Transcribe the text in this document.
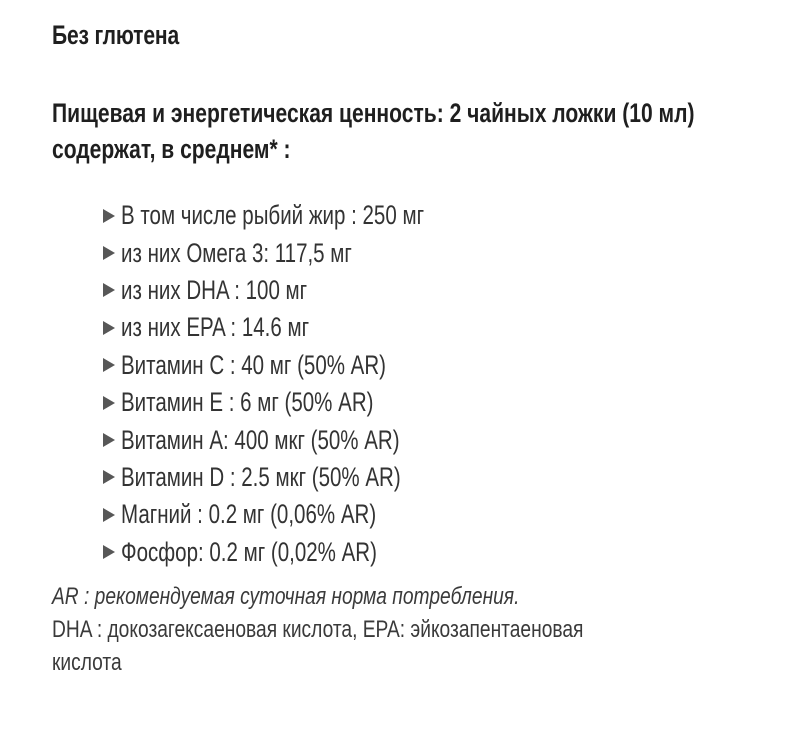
Без глютена
Пищевая и энергетическая ценность: 2 чайных ложки (10 мл)
содержат, в среднем* :
В том числе рыбий жир : 250 мг
из них Омега 3: 117,5 мг
из них DHA : 100 мг
из них EPA : 14.6 мг
Витамин C : 40 мг (50% AR)
Витамин E : 6 мг (50% AR)
Витамин A: 400 мкг (50% AR)
Витамин D : 2.5 мкг (50% AR)
Магний : 0.2 мг (0,06% AR)
Фосфор: 0.2 мг (0,02% AR)
AR : рекомендуемая суточная норма потребления.
DHA : докозагексаеновая кислота, EPA: эйкозапентаеновая
кислота
